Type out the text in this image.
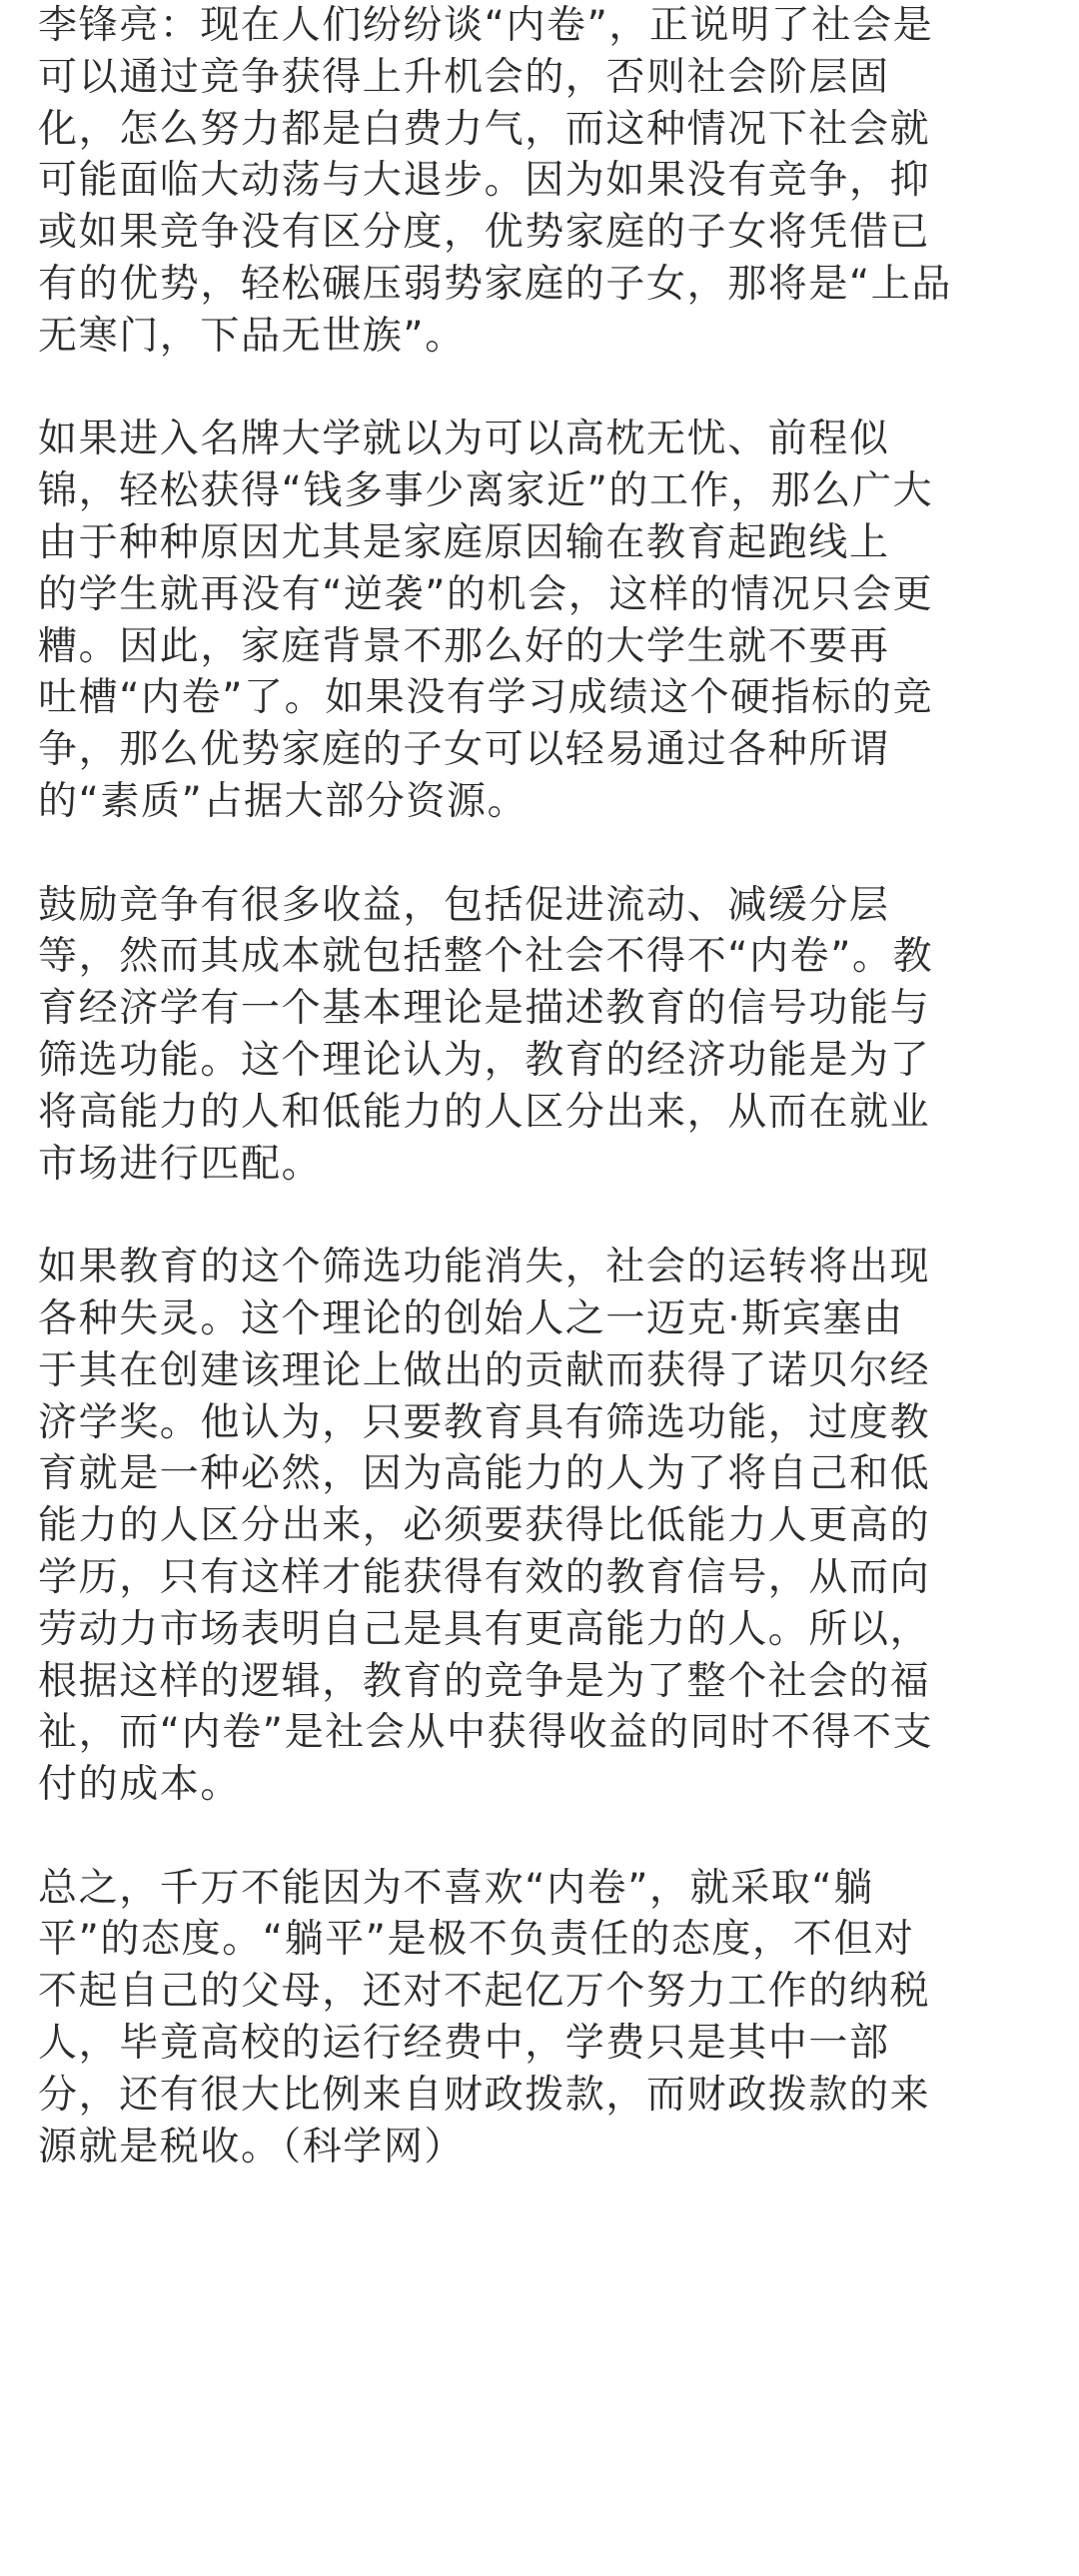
李锋亮：现在人们纷纷谈“内卷”，正说明了社会是
可以通过竞争获得上升机会的，否则社会阶层固
化，怎么努力都是白费力气，而这种情况下社会就
可能面临大动荡与大退步。因为如果没有竞争，抑
或如果竞争没有区分度，优势家庭的子女将凭借已
有的优势，轻松碾压弱势家庭的子女，那将是“上品
无寒门，下品无世族”。
如果进入名牌大学就以为可以高枕无忧、前程似
锦，轻松获得“钱多事少离家近”的工作，那么广大
由于种种原因尤其是家庭原因输在教育起跑线上
的学生就再没有“逆袭”的机会，这样的情况只会更
糟。因此，家庭背景不那么好的大学生就不要再
吐槽“内卷”了。如果没有学习成绩这个硬指标的竞
争，那么优势家庭的子女可以轻易通过各种所谓
的“素质”占据大部分资源。
鼓励竞争有很多收益，包括促进流动、减缓分层
等，然而其成本就包括整个社会不得不“内卷”。教
育经济学有一个基本理论是描述教育的信号功能与
筛选功能。这个理论认为，教育的经济功能是为了
将高能力的人和低能力的人区分出来，从而在就业
市场进行匹配。
如果教育的这个筛选功能消失，社会的运转将出现
各种失灵。这个理论的创始人之一迈克·斯宾塞由
于其在创建该理论上做出的贡献而获得了诺贝尔经
济学奖。他认为，只要教育具有筛选功能，过度教
育就是一种必然，因为高能力的人为了将自己和低
能力的人区分出来，必须要获得比低能力人更高的
学历，只有这样才能获得有效的教育信号，从而向
劳动力市场表明自己是具有更高能力的人。所以，
根据这样的逻辑，教育的竞争是为了整个社会的福
祉，而“内卷”是社会从中获得收益的同时不得不支
付的成本。
总之，千万不能因为不喜欢“内卷”，就采取“躺
平”的态度。“躺平”是极不负责任的态度，不但对
不起自己的父母，还对不起亿万个努力工作的纳税
人，毕竟高校的运行经费中，学费只是其中一部
分，还有很大比例来自财政拨款，而财政拨款的来
源就是税收。（科学网）
